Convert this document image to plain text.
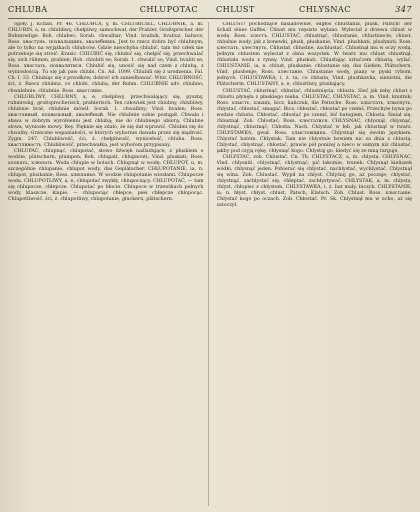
CHLUBA	CHLUPOTAC CHLUST	CHLYSNAC	347

ogóły. J. Kchan. Pr. 46. CHLUBCA, y, m. CHLUBICIEL, CHLUBNIK, a, m. CHLUBIN, a, m. chlubliwy, chełpliwy, samochwał, der Prahler, Großsprecher, der Ruhmredige. Boh. chlubec; Sorab. chwalbar; Vind. hvalnik, hvaliuz, bahavz; Ross. хвастунъ, похвальщикъ, хвалебникъ. Jest to rzecz dobra być chlubnym; ale to tylko na wyjątkach chlubców. Gdzie nieochyba chlubić, tam też człek nie potrzebuje się stroić. Krasic. CHLUBIĆ się, chlubić się, chełpić się, przechwalać się, sich rühmen, prahlen; Boh. chlubiti se; Sorab. 1. chwalić so; Vind. hvaliti se; Ross. хвастать, похвалятися. Chlubić się, unosić się nad czem z chlubą, z wyniosłością. Tu się jak paw chlubi. Cn. Ad. 1099. Chlubili się z urodzenia. Fal. Ch. I. 33. Chlubiąc się z przodków, dobroć ich zaniedbawać. Wtór. CHLUBNOŚĆ, ści, ż. Rzecz chlubna, co chlubi, chluba, der Ruhm. CHLUBNIE adv. chlubno; chwalebnie, chlubnie. Ross. хвастливо.

CHLUBLIWY, CHLUBNY, a, e, chełpliwy, przechwalający się, pyszny, ruhmredig, großsprecherisch, prahlerisch. Ten człowiek jest chlubny, chlubliwy, chlubnie brał, chlubnie mówił. Sorab. 1. chwalbny; Vind. hvalen; Ross. хвастливый, похвальный, хвалебный. Nie chlubnie sobie postąpił. Chwała i sława w dobrym wyrobieniu jest chlubą; nie do chlubnego ubiorą. Chlubne słowa, wyniosłe mowy. Rey. Pięknie się zdało, że się dał wprawić. Chlubni się do chwalby. Grzeczne wspaniałości, w których wybornie dawała przez się mądrość. Zygm. 247. Chlubliwość, ści, ż. chełpliwość, wyniosłość, chluba. Ross. хвастливость. Chlubliwość, przechwałka, jest wyborem przypisany.

CHLUPAĆ, chlupnąć, chlupotać, słowo dźwięk naśladujące, z pluskiem o wodzie, plätschern, plumpen; Boh. chlupati, chlupnouti; Vind. pluskati; Ross. хлопать, хлюпать. Woda chlupie w botach. Chlupnął w wodę. CHLUPOT, u, m. szczególnie chlupanie, chlupot wody, das Geplätscher. CHLUPOTANIE, ia, n. chlupot, pluskanie; Ross. хлюпанье. W wodzie chlupotanie wiosłami. Chlupocze woda. CHLUPOTLIWY, a, e, chlupotać zwykły, chlupoczący. CHLUPOTAĆ, — tam się chlupocze, chłepcze. Chlupotać po błocie. Chlupoce w trzewikach pełnych wody, klaszcze, klapie. — chlupociąc chłepce, pies chłepcze chłopocąc. Chlupotliwość, ści, ż. chlupotliwy, chlupotanie, gluckern, plätschern.

CHLUST! pochodzące naśladownie, odgłos chlustania, plusk, Patsch! der Schall eines Guffes. Chlust mu rzęsisto wylano. Wyleciał z drzewa chlust w wodę. Ross. хлестъ. CHLUSTAĆ, chlustnąć, chlustanie, chlustniecie, chlust, chluśnie wody, jak z konewki, plusk, pluskanie, Vind. plushkati, plushnuti; Ross. хлестать, хлестнуть. Chlustał, chlustne, zachlustać. Chlustnął mu w oczy wodą. Jednym chlustem wyleciał z okna wszystek. W twarz mu chlust chlustnął, chlustała woda z rynny. Vind. pluskati. Chlustając sztućcem chlustą, wylać. CHLUSTANIE, ia, n. chlust, pluskanie, chlustanie się, das Gießen, Plätschern. Vind. plushenje; Ross. хлестаніе. Chlustanie wody, piany w pyski rybom, jednych. CHLUSTAWKA, i, ż. ta, co chlusta, Vind. plushkavka, sinnistni, die Plätscherin. CHLUSTANY, a, e, chlustliwy, pluskający.

CHLUSTAĆ, chlustnąć, chlustać, chlustnięcia, chlusta. Sieć jak żeby chlust z chlustu płynęła z płaskiego nieba. CHLUSTAC, CHLYSTAC, a, m. Vind. knutnik; Ross. хлыстъ, хлыщъ, bicz, kańczuk, die Peitsche. Ross. хлыстать, хлыснуть, chlystać, chłostać, smagać. Bicz; chłostać, chłostać po czemś. Przechyle bywa po wodzie chlusta. Chłostać, chłostać po czemś, bić batogiem, Chłosta. Śmiał się, chlustnął. Zob. Chłostać; Ross. хлестатися. CHLYSNAC, chlysnął, chlysnąć, chlystnąć, chlustnąć; Chłosta. Nach. Chlystać w łeb, jak chlustnął w twarz. CHLYSTAWKA, gwał. Ross. хлыстовщина. Chlystnął się swoim językiem. Chlystać batem. Chlystak. Tam nie chlystnie bowiem nic za dnia z chlustą. Chlystać, chlystnąć, chłostać, prawie pół poniżej a nieco w samym niż chlustać, jakby pod czyją rękę, chłysnąć kogo. Chlystaj go, kiedyć się ze mną targuje.

CHLYSTAC, zob. Chlustać. Cn. Th. CHLYSTACZ, a, m. chlysta. CHLYSNAC, Vind. chlysniti, chlystnąć, chlystnąć; pić łakomie, trunek. Chlysnął kieliszek wódki, chlysnąć jeden. Pobierać się chlystać, nachlystać, wychlystać. Chlystnął się wina. Zob. Chlustać. Wypił na chlyst. Chlyśnij go, aż poczuje; chlystać, chlystnąć, zachlystać się, chłeptać, zachłystywać. CHLYSTAK, a, m. chlysta, chlyst, chłopiec z chlystem. CHLYSTAWKA, i, ż. bat mały, biczyk. CHLYSTANIE, ia, n. hłyst, chłyst, chlust, Patsch, Klatsch. Zob. Chlust. Ross. хлыстаніе. Chlystać kogo po oczach. Zob. Chłostać. Pr. Sk. Chlystnął mu w ucho, aż się zatoczył.
